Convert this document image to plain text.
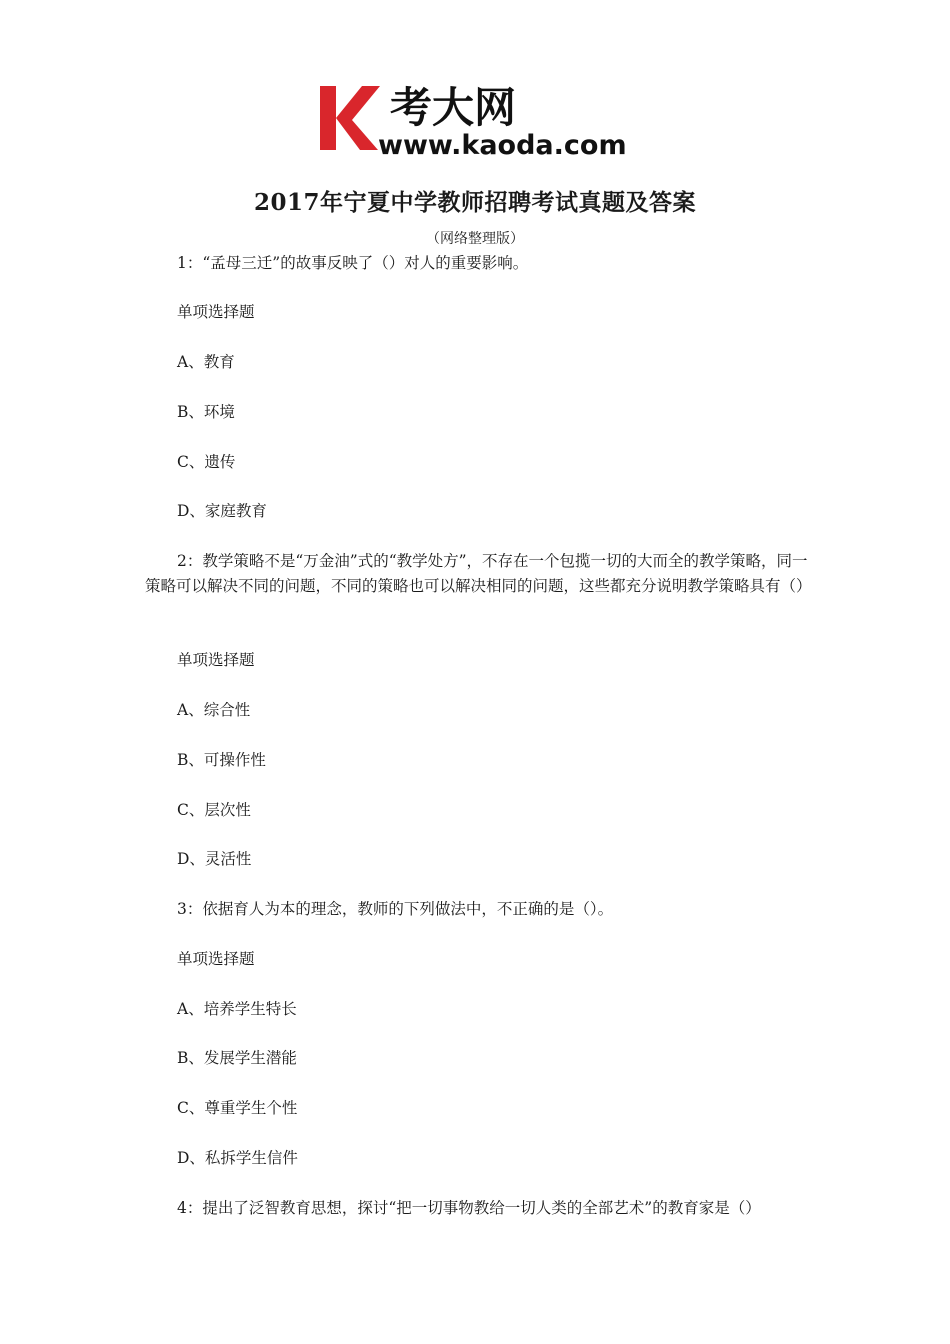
考大网
www.kaoda.com
2017年宁夏中学教师招聘考试真题及答案
（网络整理版）
1：“孟母三迁”的故事反映了（）对人的重要影响。
单项选择题
A、教育
B、环境
C、遗传
D、家庭教育
2：教学策略不是“万金油”式的“教学处方”，不存在一个包揽一切的大而全的教学策略，同一策略可以解决不同的问题，不同的策略也可以解决相同的问题，这些都充分说明教学策略具有（）
单项选择题
A、综合性
B、可操作性
C、层次性
D、灵活性
3：依据育人为本的理念，教师的下列做法中，不正确的是（）。
单项选择题
A、培养学生特长
B、发展学生潜能
C、尊重学生个性
D、私拆学生信件
4：提出了泛智教育思想，探讨“把一切事物教给一切人类的全部艺术”的教育家是（）
